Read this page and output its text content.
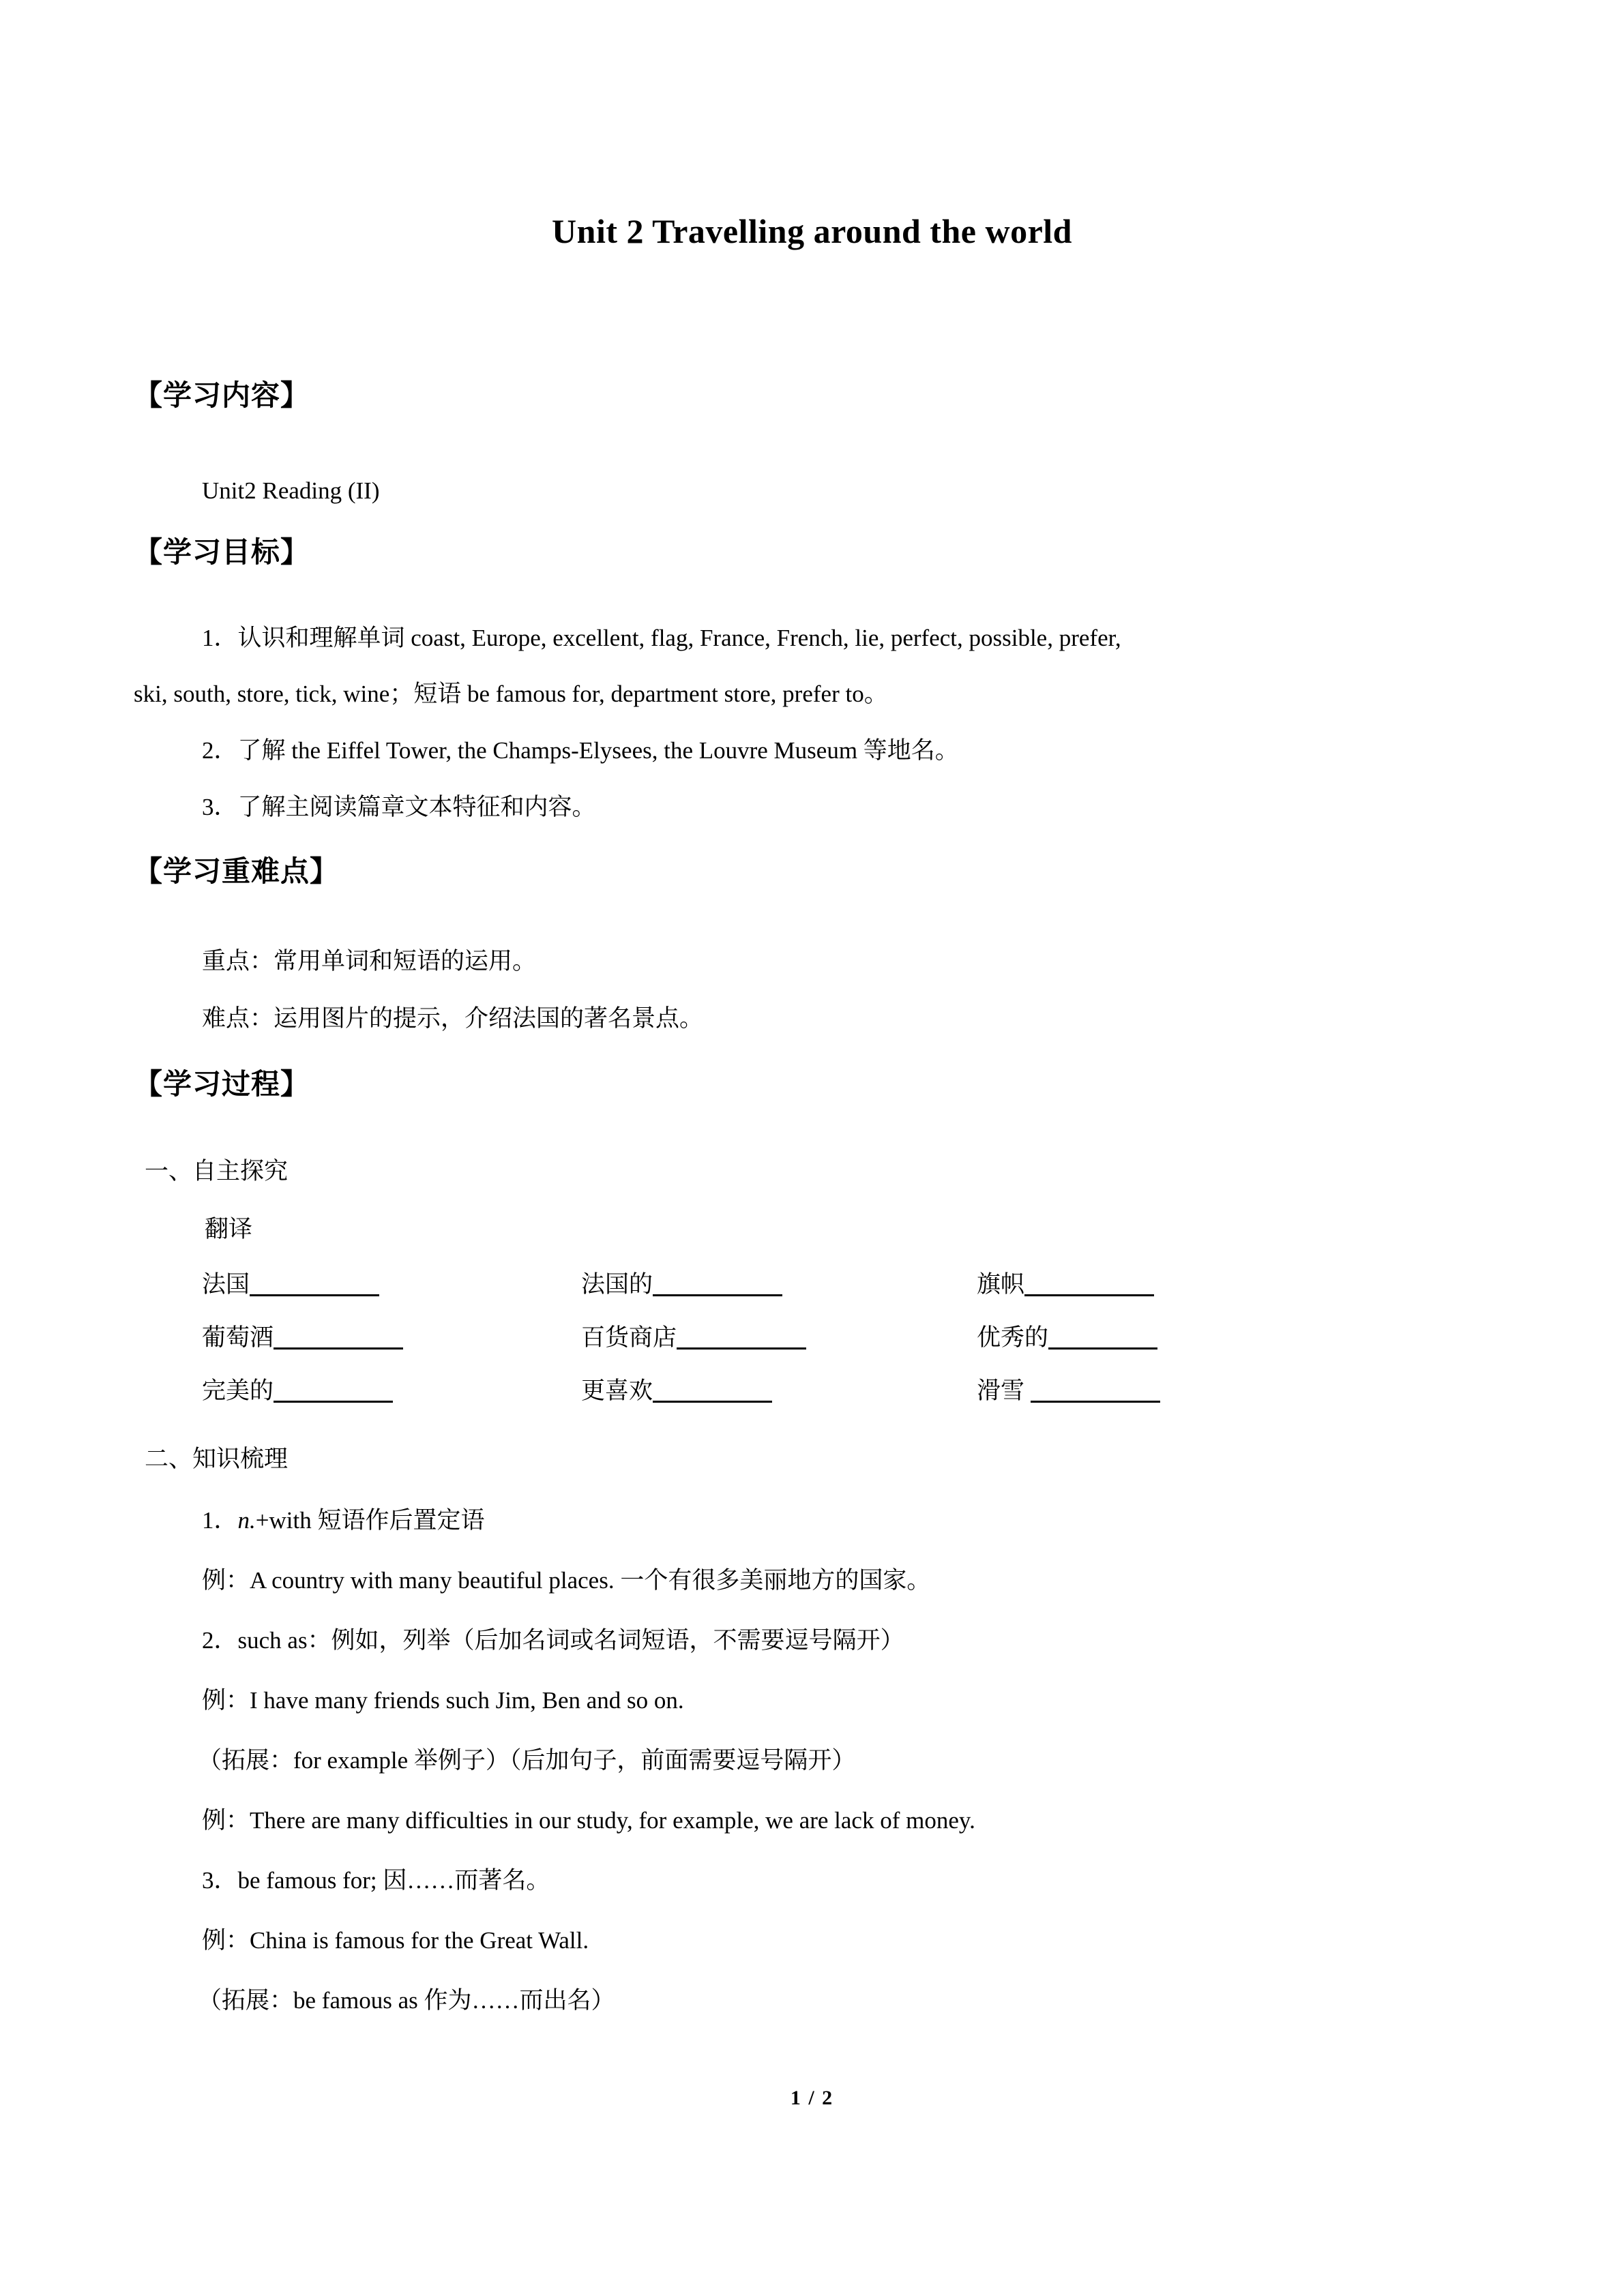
Unit 2 Travelling around the world
【学习内容】
Unit2 Reading (II)
【学习目标】
1．认识和理解单词 coast, Europe, excellent, flag, France, French, lie, perfect, possible, prefer,
ski, south, store, tick, wine；短语 be famous for, department store, prefer to。
2．了解 the Eiffel Tower, the Champs-Elysees, the Louvre Museum 等地名。
3．了解主阅读篇章文本特征和内容。
【学习重难点】
重点：常用单词和短语的运用。
难点：运用图片的提示，介绍法国的著名景点。
【学习过程】
一、自主探究
翻译
法国	法国的	旗帜
葡萄酒	百货商店	优秀的
完美的	更喜欢	滑雪
二、知识梳理
1．n.+with 短语作后置定语
例：A country with many beautiful places. 一个有很多美丽地方的国家。
2．such as：例如，列举（后加名词或名词短语，不需要逗号隔开）
例：I have many friends such Jim, Ben and so on.
（拓展：for example 举例子）（后加句子，前面需要逗号隔开）
例：There are many difficulties in our study, for example, we are lack of money.
3．be famous for; 因……而著名。
例：China is famous for the Great Wall.
（拓展：be famous as 作为……而出名）
1 / 2
